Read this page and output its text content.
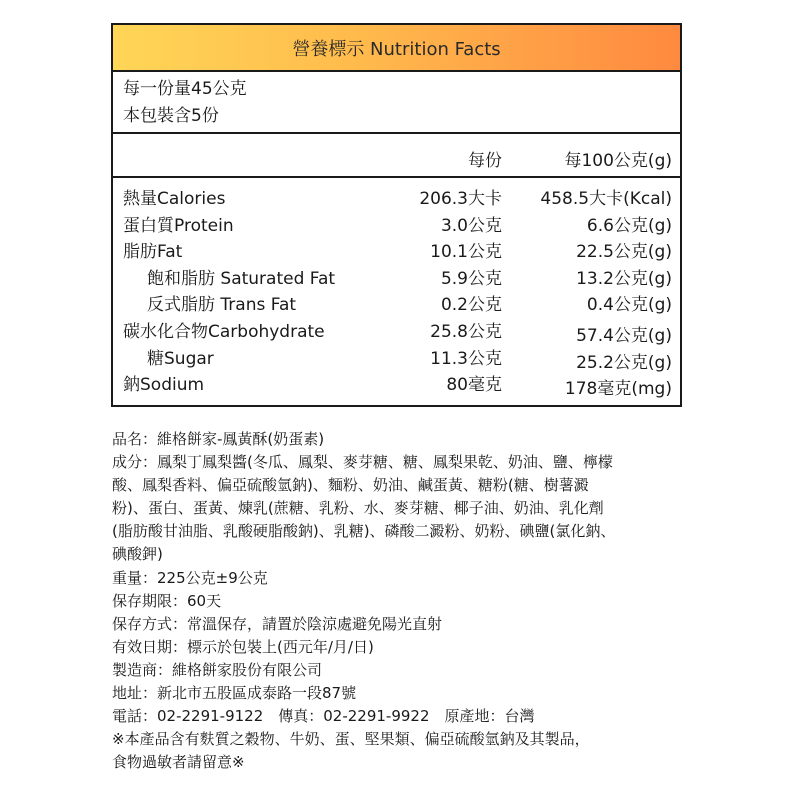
營養標示 Nutrition Facts
每一份量45公克
本包裝含5份
每份	每100公克(g)
熱量Calories	206.3大卡 458.5大卡(Kcal)
蛋白質Protein	3.0公克	6.6公克(g)
脂肪Fat	10.1公克	22.5公克(g)
飽和脂肪 Saturated Fat	5.9公克	13.2公克(g)
反式脂肪 Trans Fat	0.2公克	0.4公克(g)
碳水化合物Carbohydrate	25.8公克	57.4公克(g)
糖Sugar	11.3公克	25.2公克(g)
鈉Sodium	80毫克	178毫克(mg)
品名：維格餅家-鳳黃酥(奶蛋素)
成分：鳳梨丁鳳梨醬(冬瓜、鳳梨、麥芽糖、糖、鳳梨果乾、奶油、鹽、檸檬
酸、鳳梨香料、偏亞硫酸氫鈉)、麵粉、奶油、鹹蛋黃、糖粉(糖、樹薯澱
粉)、蛋白、蛋黃、煉乳(蔗糖、乳粉、水、麥芽糖、椰子油、奶油、乳化劑
(脂肪酸甘油脂、乳酸硬脂酸鈉)、乳糖)、磷酸二澱粉、奶粉、碘鹽(氯化鈉、
碘酸鉀)
重量：225公克±9公克
保存期限：60天
保存方式：常溫保存，請置於陰涼處避免陽光直射
有效日期：標示於包裝上(西元年/月/日)
製造商：維格餅家股份有限公司
地址：新北市五股區成泰路一段87號
電話：02-2291-9122　傳真：02-2291-9922　原產地：台灣
※本產品含有麩質之穀物、牛奶、蛋、堅果類、偏亞硫酸氫鈉及其製品，
食物過敏者請留意※
